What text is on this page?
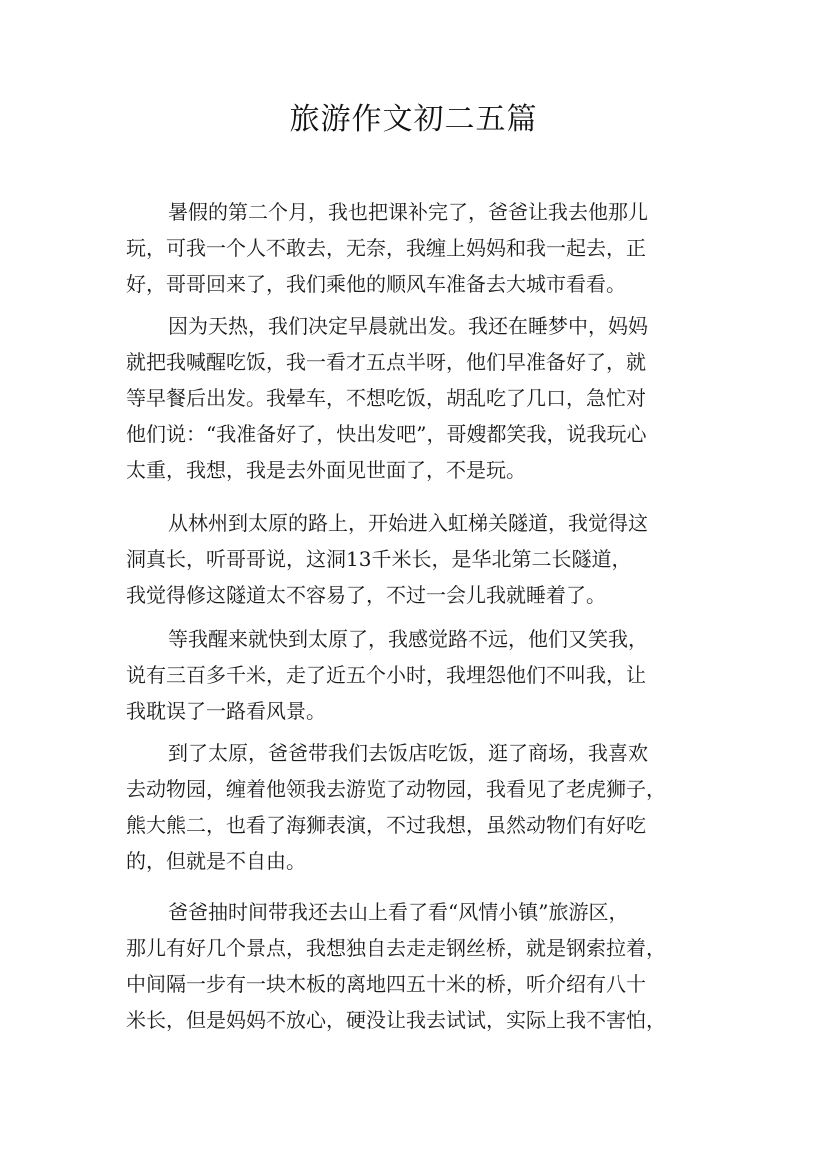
旅游作文初二五篇
暑假的第二个月，我也把课补完了，爸爸让我去他那儿
玩，可我一个人不敢去，无奈，我缠上妈妈和我一起去，正
好，哥哥回来了，我们乘他的顺风车准备去大城市看看。
因为天热，我们决定早晨就出发。我还在睡梦中，妈妈
就把我喊醒吃饭，我一看才五点半呀，他们早准备好了，就
等早餐后出发。我晕车，不想吃饭，胡乱吃了几口，急忙对
他们说：“我准备好了，快出发吧”，哥嫂都笑我，说我玩心
太重，我想，我是去外面见世面了，不是玩。
从林州到太原的路上，开始进入虹梯关隧道，我觉得这
洞真长，听哥哥说，这洞13千米长，是华北第二长隧道，
我觉得修这隧道太不容易了，不过一会儿我就睡着了。
等我醒来就快到太原了，我感觉路不远，他们又笑我，
说有三百多千米，走了近五个小时，我埋怨他们不叫我，让
我耽误了一路看风景。
到了太原，爸爸带我们去饭店吃饭，逛了商场，我喜欢
去动物园，缠着他领我去游览了动物园，我看见了老虎狮子，
熊大熊二，也看了海狮表演，不过我想，虽然动物们有好吃
的，但就是不自由。
爸爸抽时间带我还去山上看了看“风情小镇”旅游区，
那儿有好几个景点，我想独自去走走钢丝桥，就是钢索拉着，
中间隔一步有一块木板的离地四五十米的桥，听介绍有八十
米长，但是妈妈不放心，硬没让我去试试，实际上我不害怕，
